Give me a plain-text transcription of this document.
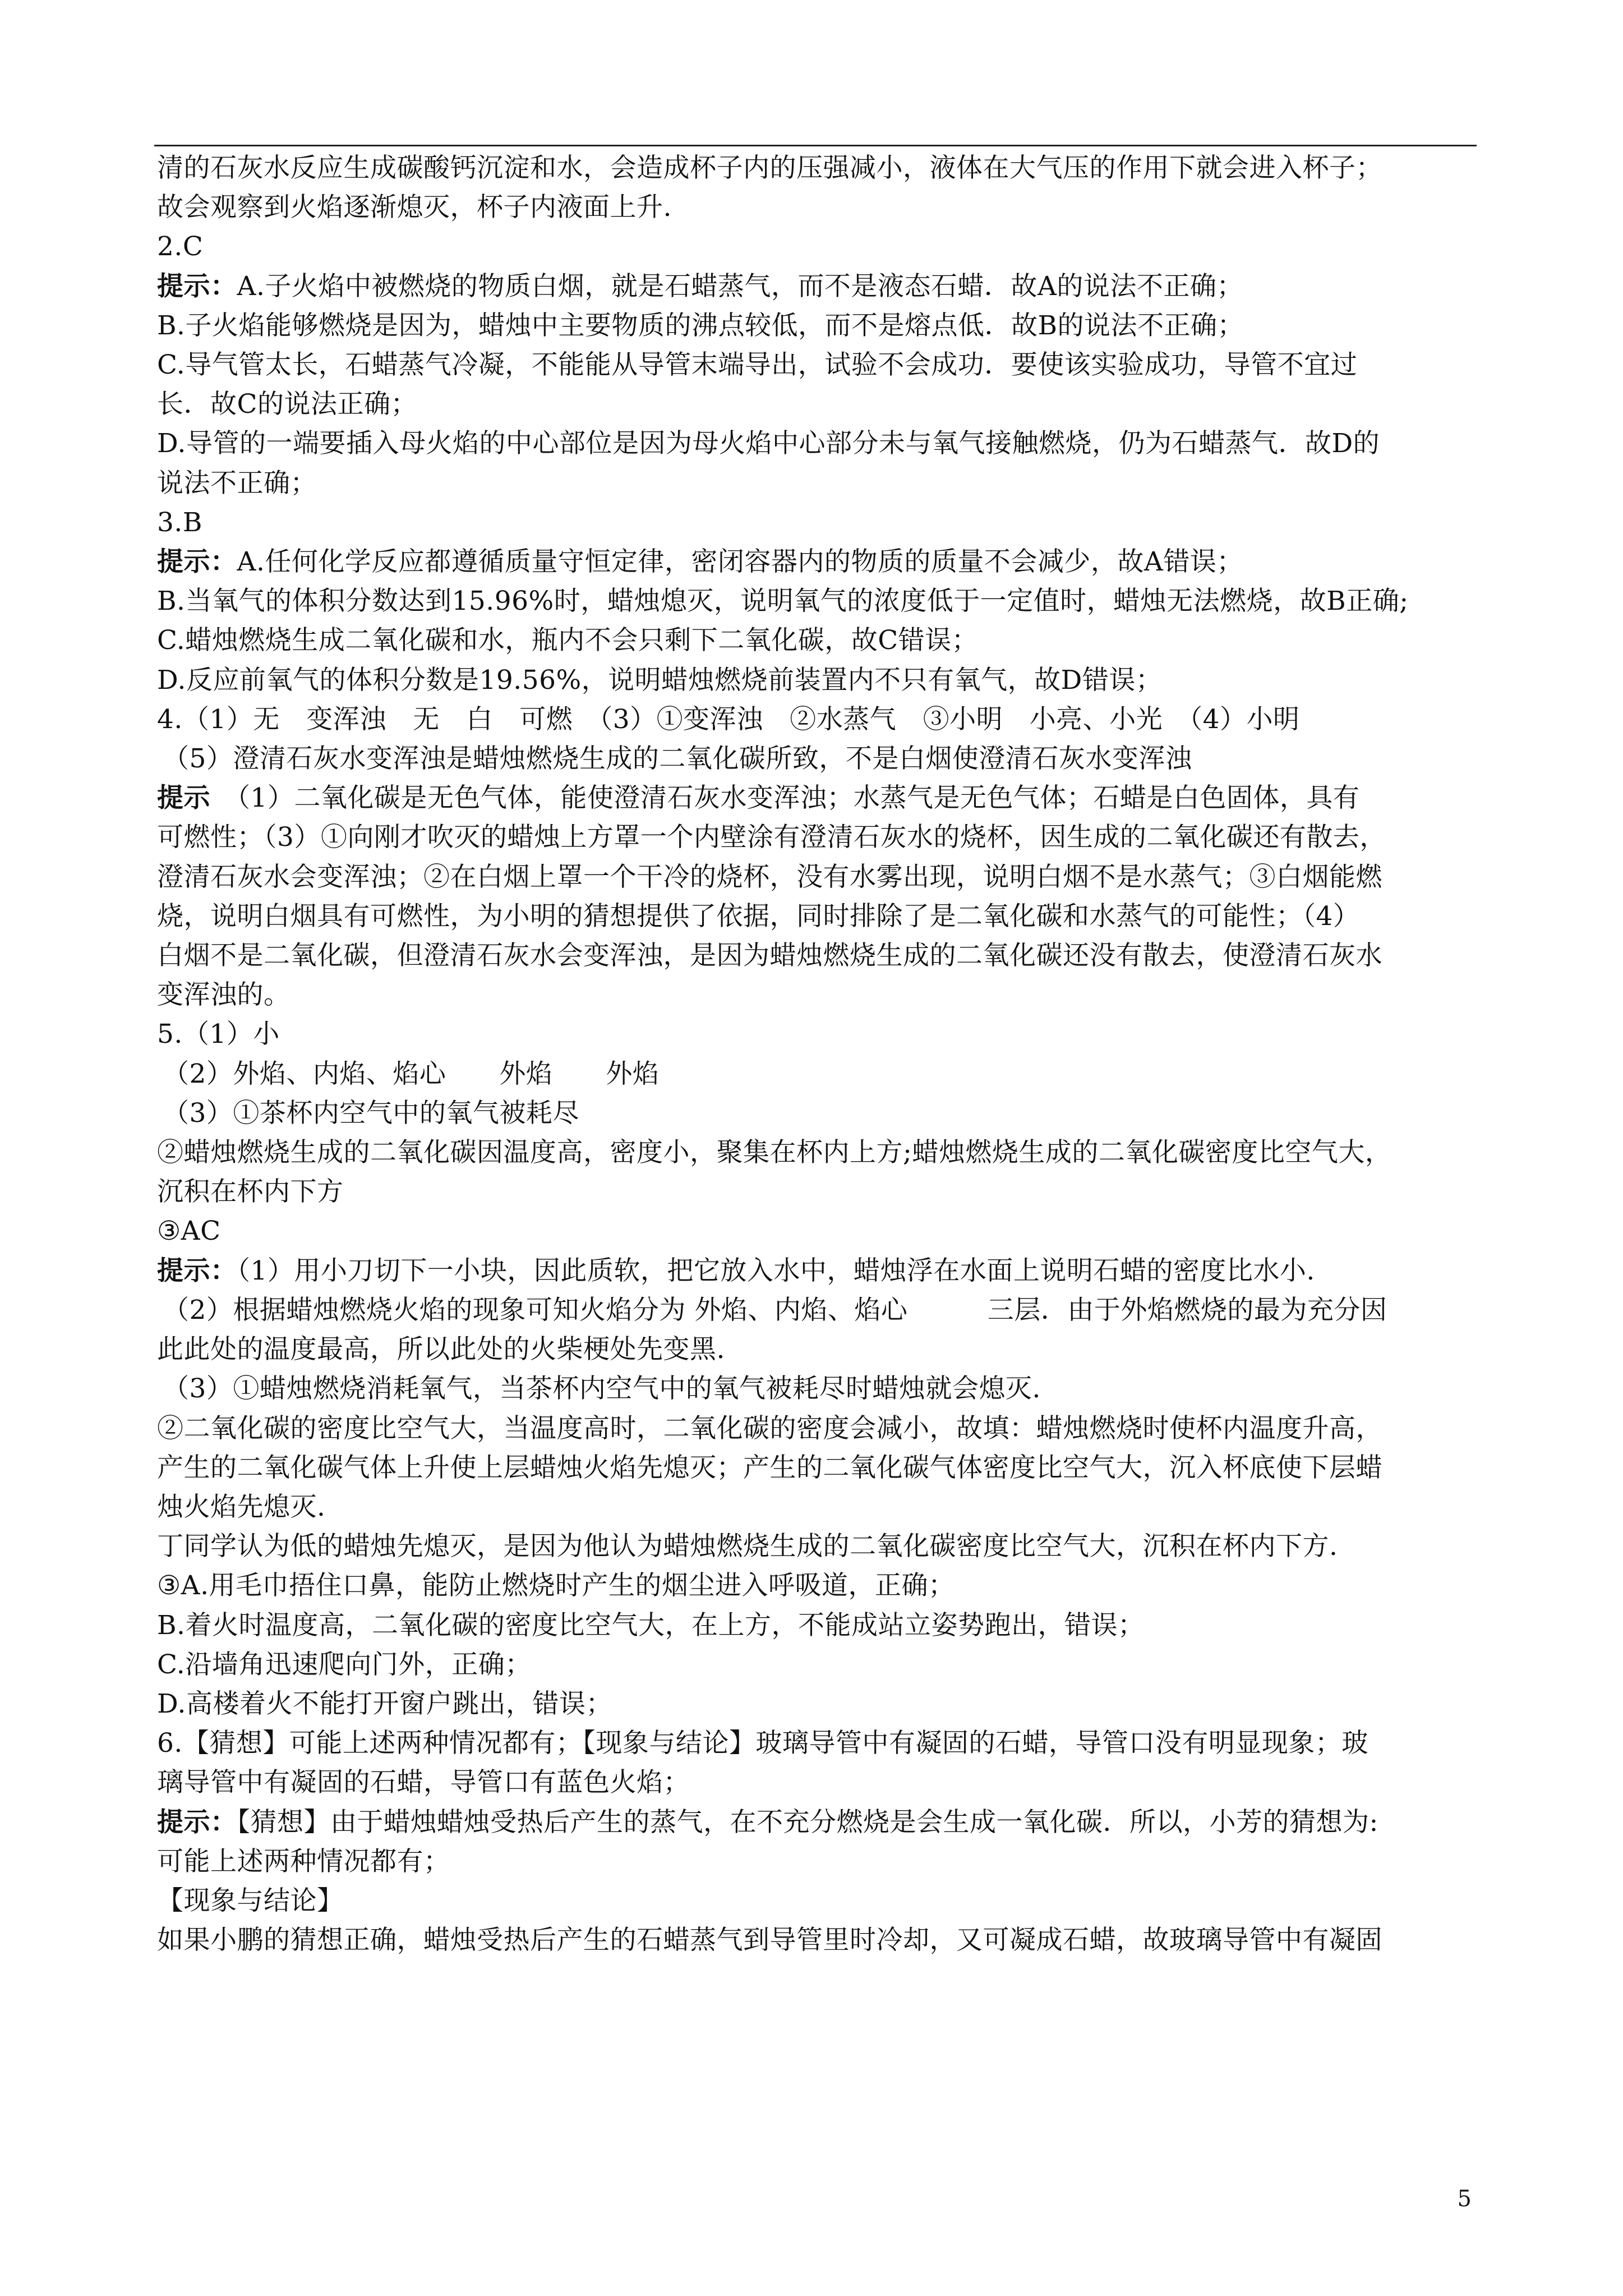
清的石灰水反应生成碳酸钙沉淀和水，会造成杯子内的压强减小，液体在大气压的作用下就会进入杯子；

故会观察到火焰逐渐熄灭，杯子内液面上升.

2.C

提示：A.子火焰中被燃烧的物质白烟，就是石蜡蒸气，而不是液态石蜡．故A的说法不正确；

B.子火焰能够燃烧是因为，蜡烛中主要物质的沸点较低，而不是熔点低．故B的说法不正确；

C.导气管太长，石蜡蒸气冷凝，不能能从导管末端导出，试验不会成功．要使该实验成功，导管不宜过

长．故C的说法正确；

D.导管的一端要插入母火焰的中心部位是因为母火焰中心部分未与氧气接触燃烧，仍为石蜡蒸气．故D的

说法不正确；

3.B

提示：A.任何化学反应都遵循质量守恒定律，密闭容器内的物质的质量不会减少，故A错误；

B.当氧气的体积分数达到15.96%时，蜡烛熄灭，说明氧气的浓度低于一定值时，蜡烛无法燃烧，故B正确;

C.蜡烛燃烧生成二氧化碳和水，瓶内不会只剩下二氧化碳，故C错误；

D.反应前氧气的体积分数是19.56%，说明蜡烛燃烧前装置内不只有氧气，故D错误；

4.（1）无　变浑浊　无　白　可燃　（3）①变浑浊　②水蒸气　③小明　小亮、小光　（4）小明

（5）澄清石灰水变浑浊是蜡烛燃烧生成的二氧化碳所致，不是白烟使澄清石灰水变浑浊

提示　（1）二氧化碳是无色气体，能使澄清石灰水变浑浊；水蒸气是无色气体；石蜡是白色固体，具有

可燃性；（3）①向刚才吹灭的蜡烛上方罩一个内壁涂有澄清石灰水的烧杯，因生成的二氧化碳还有散去，

澄清石灰水会变浑浊；②在白烟上罩一个干冷的烧杯，没有水雾出现，说明白烟不是水蒸气；③白烟能燃

烧，说明白烟具有可燃性，为小明的猜想提供了依据，同时排除了是二氧化碳和水蒸气的可能性；（4）

白烟不是二氧化碳，但澄清石灰水会变浑浊，是因为蜡烛燃烧生成的二氧化碳还没有散去，使澄清石灰水

变浑浊的。

5.（1）小

（2）外焰、内焰、焰心　　外焰　　外焰

（3）①茶杯内空气中的氧气被耗尽

②蜡烛燃烧生成的二氧化碳因温度高，密度小，聚集在杯内上方;蜡烛燃烧生成的二氧化碳密度比空气大，

沉积在杯内下方

③AC

提示：（1）用小刀切下一小块，因此质软，把它放入水中，蜡烛浮在水面上说明石蜡的密度比水小.

（2）根据蜡烛燃烧火焰的现象可知火焰分为 外焰、内焰、焰心　　　三层．由于外焰燃烧的最为充分因

此此处的温度最高，所以此处的火柴梗处先变黑.

（3）①蜡烛燃烧消耗氧气，当茶杯内空气中的氧气被耗尽时蜡烛就会熄灭.

②二氧化碳的密度比空气大，当温度高时，二氧化碳的密度会减小，故填：蜡烛燃烧时使杯内温度升高，

产生的二氧化碳气体上升使上层蜡烛火焰先熄灭；产生的二氧化碳气体密度比空气大，沉入杯底使下层蜡

烛火焰先熄灭.

丁同学认为低的蜡烛先熄灭，是因为他认为蜡烛燃烧生成的二氧化碳密度比空气大，沉积在杯内下方.

③A.用毛巾捂住口鼻，能防止燃烧时产生的烟尘进入呼吸道，正确；

B.着火时温度高，二氧化碳的密度比空气大，在上方，不能成站立姿势跑出，错误；

C.沿墙角迅速爬向门外，正确；

D.高楼着火不能打开窗户跳出，错误；

6.【猜想】可能上述两种情况都有；【现象与结论】玻璃导管中有凝固的石蜡，导管口没有明显现象；玻

璃导管中有凝固的石蜡，导管口有蓝色火焰；

提示：【猜想】由于蜡烛蜡烛受热后产生的蒸气，在不充分燃烧是会生成一氧化碳．所以，小芳的猜想为:

可能上述两种情况都有；

【现象与结论】

如果小鹏的猜想正确，蜡烛受热后产生的石蜡蒸气到导管里时冷却，又可凝成石蜡，故玻璃导管中有凝固

5
